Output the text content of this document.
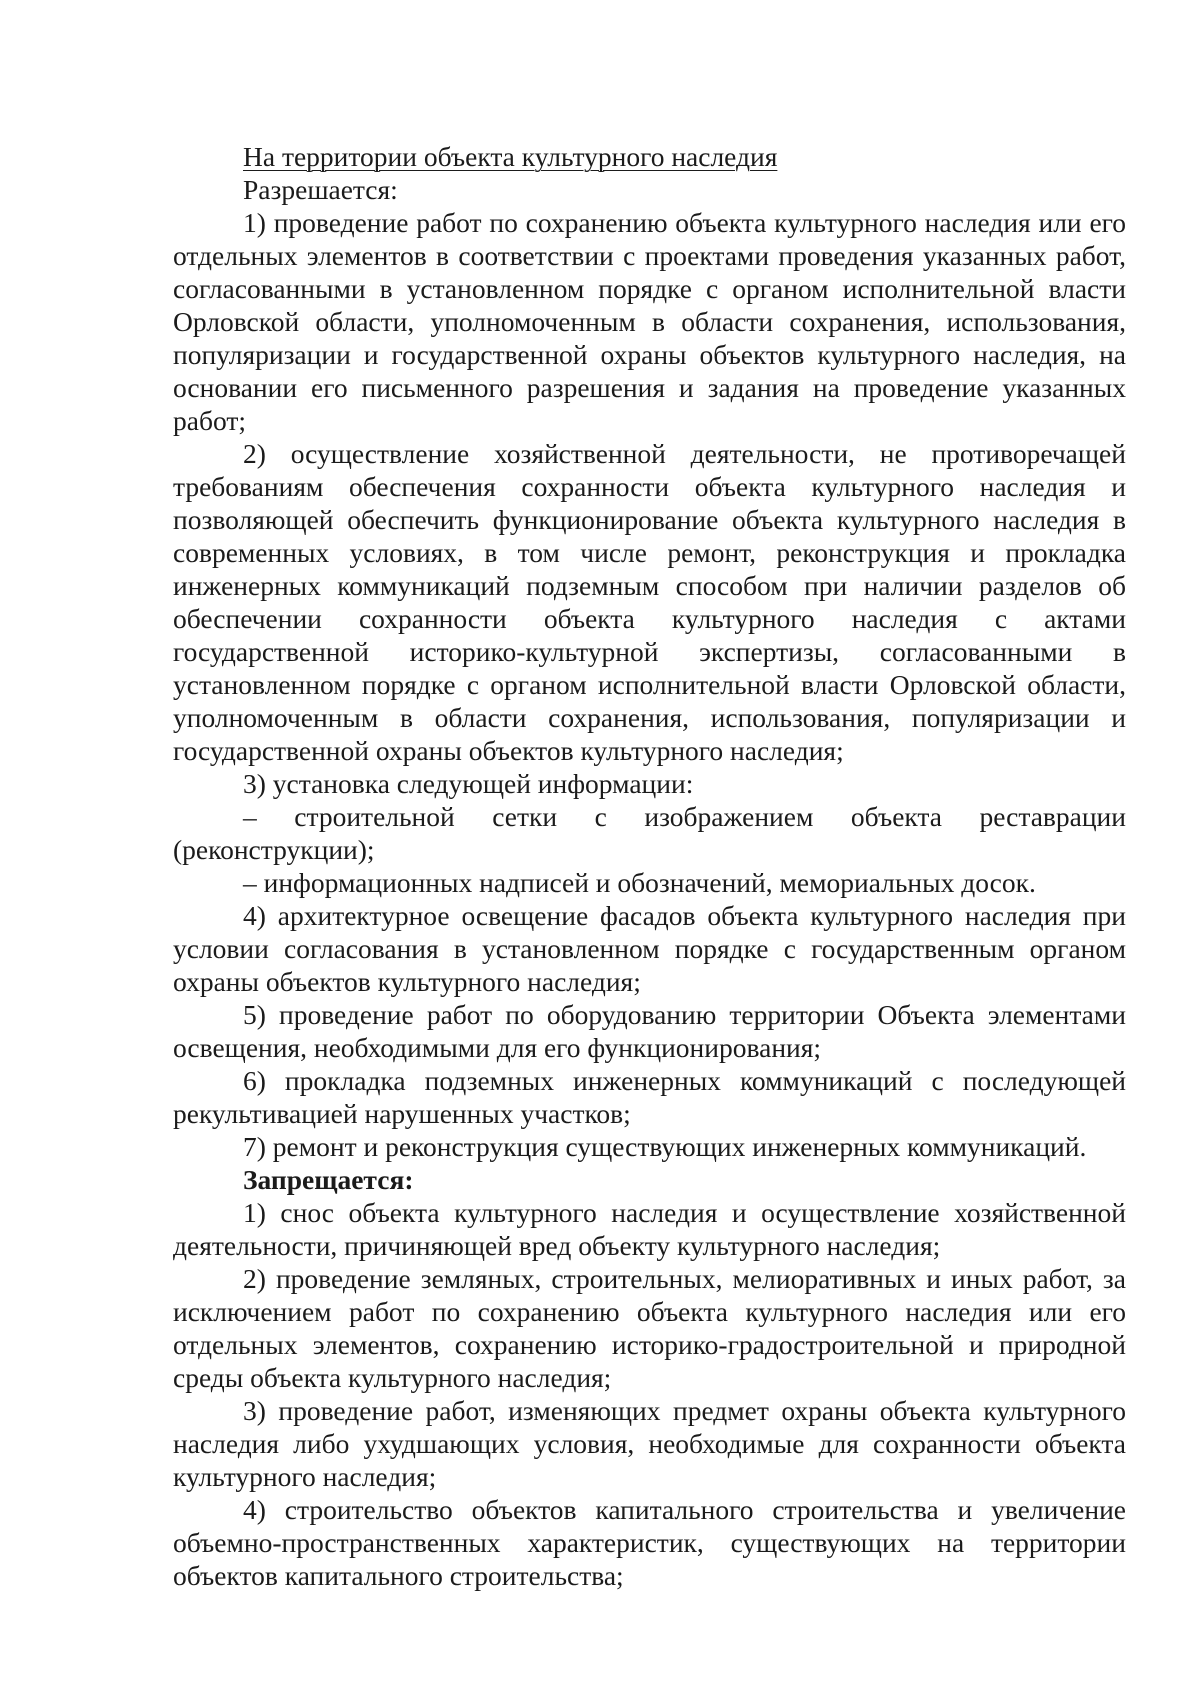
На территории объекта культурного наследия

Разрешается:

1) проведение работ по сохранению объекта культурного наследия или его отдельных элементов в соответствии с проектами проведения указанных работ, согласованными в установленном порядке с органом исполнительной власти Орловской области, уполномоченным в области сохранения, использования, популяризации и государственной охраны объектов культурного наследия, на основании его письменного разрешения и задания на проведение указанных работ;

2) осуществление хозяйственной деятельности, не противоречащей требованиям обеспечения сохранности объекта культурного наследия и позволяющей обеспечить функционирование объекта культурного наследия в современных условиях, в том числе ремонт, реконструкция и прокладка инженерных коммуникаций подземным способом при наличии разделов об обеспечении сохранности объекта культурного наследия с актами государственной историко-культурной экспертизы, согласованными в установленном порядке с органом исполнительной власти Орловской области, уполномоченным в области сохранения, использования, популяризации и государственной охраны объектов культурного наследия;

3) установка следующей информации:

– строительной сетки с изображением объекта реставрации (реконструкции);

– информационных надписей и обозначений, мемориальных досок.

4) архитектурное освещение фасадов объекта культурного наследия при условии согласования в установленном порядке с государственным органом охраны объектов культурного наследия;

5) проведение работ по оборудованию территории Объекта элементами освещения, необходимыми для его функционирования;

6) прокладка подземных инженерных коммуникаций с последующей рекультивацией нарушенных участков;

7) ремонт и реконструкция существующих инженерных коммуникаций.

Запрещается:

1) снос объекта культурного наследия и осуществление хозяйственной деятельности, причиняющей вред объекту культурного наследия;

2) проведение земляных, строительных, мелиоративных и иных работ, за исключением работ по сохранению объекта культурного наследия или его отдельных элементов, сохранению историко-градостроительной и природной среды объекта культурного наследия;

3) проведение работ, изменяющих предмет охраны объекта культурного наследия либо ухудшающих условия, необходимые для сохранности объекта культурного наследия;

4) строительство объектов капитального строительства и увеличение объемно-пространственных характеристик, существующих на территории объектов капитального строительства;
